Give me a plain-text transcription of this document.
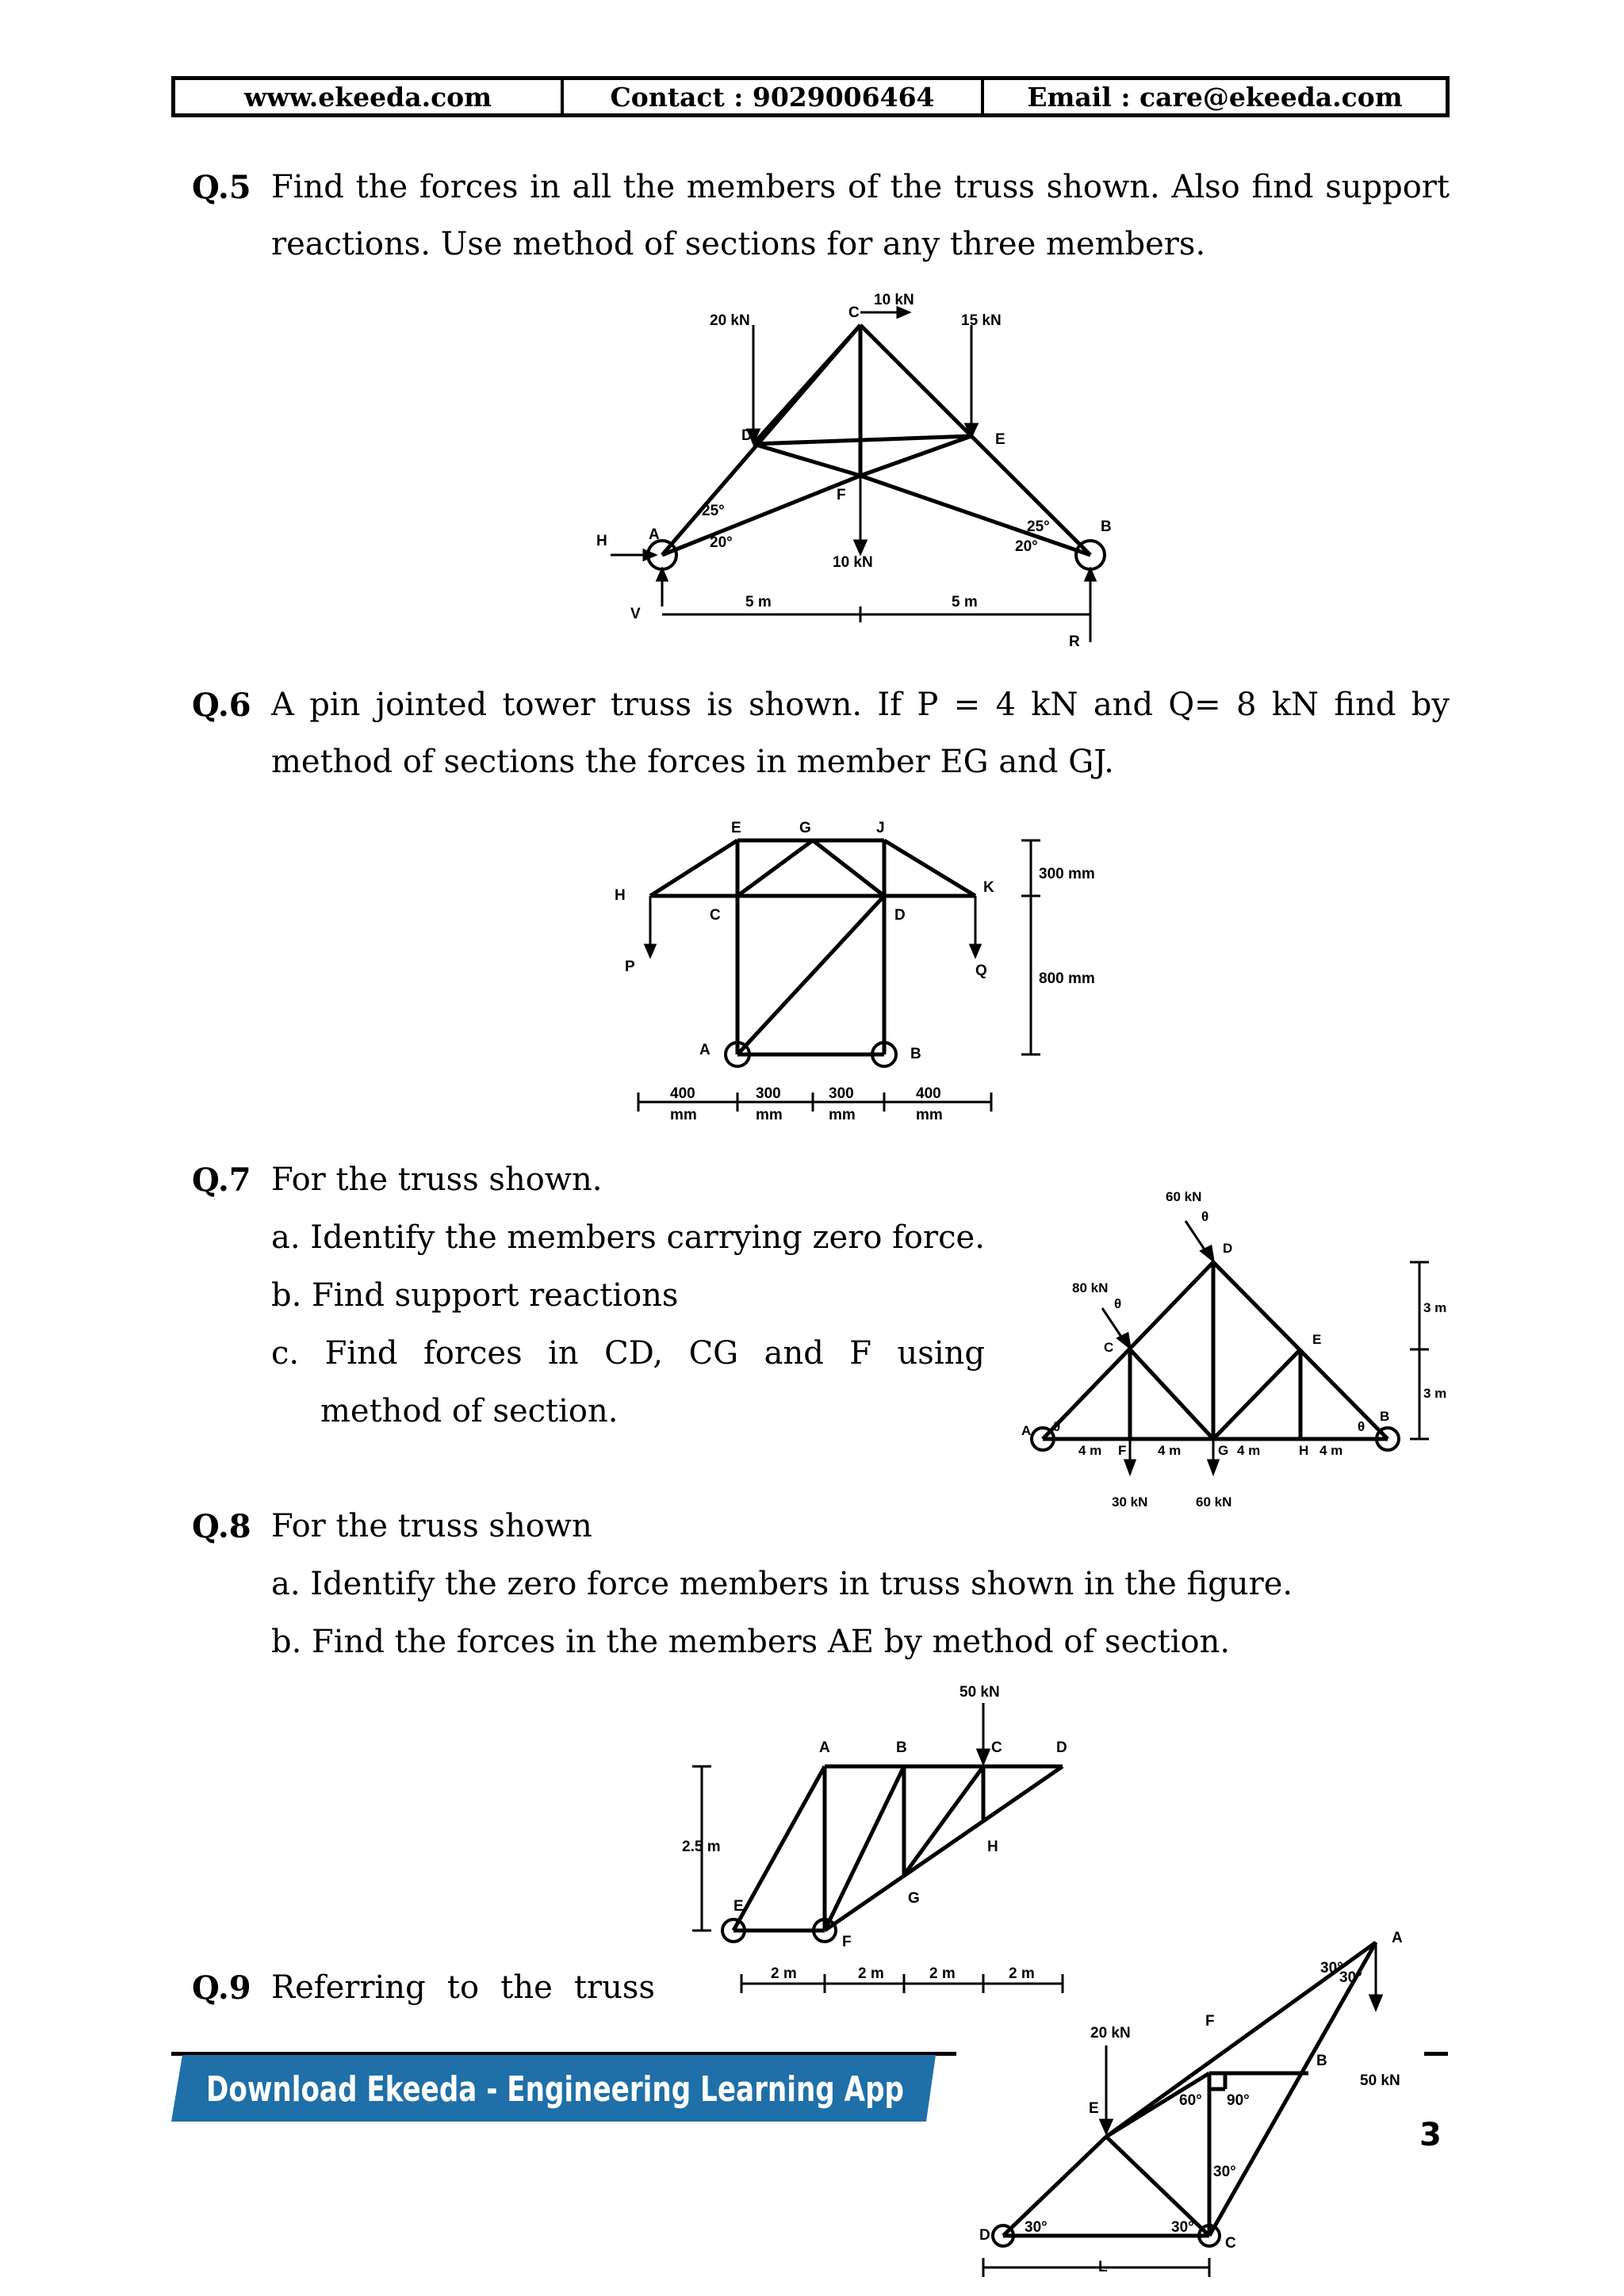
www.ekeeda.com	Contact : 9029006464	Email : care@ekeeda.com
Q.5 Find the forces in all the members of the truss shown. Also find support
reactions. Use method of sections for any three members.
20 kN	C
10 kN
15 kN
D	E
F
A	B
H
25°
20°
10 kN
25°
20°
V
5 m	5 m
R
Q.6 A pin jointed tower truss is shown. If P = 4 kN and Q= 8 kN find by
method of sections the forces in member EG and GJ.
E	G	J
H
C	D
K
P	Q
A	B
300 mm
800 mm
400
mm
300
mm
300
mm
400
mm
Q.7 For the truss shown.
a. Identify the members carrying zero force.
b. Find support reactions
c. Find forces in CD, CG and F using
method of section.
60 kN
θ
D
80 kN
θ
C
E
A θ
B
θ
4 m F 4 m	G 4 m	H 4 m
30 kN	60 kN
3 m
3 m
Q.8 For the truss shown
a. Identify the zero force members in truss shown in the figure.
b. Find the forces in the members AE by method of section.
50 kN
A	B	C	D
H
G
E
F
2.5 m
2 m	2 m	2 m	2 m
Q.9 Referring to the truss
Download Ekeeda - Engineering Learning App
3
A
30°
30°
50 kN
20 kN
F
B
E	60° 90°
30°
D 30°	30°
C
L
